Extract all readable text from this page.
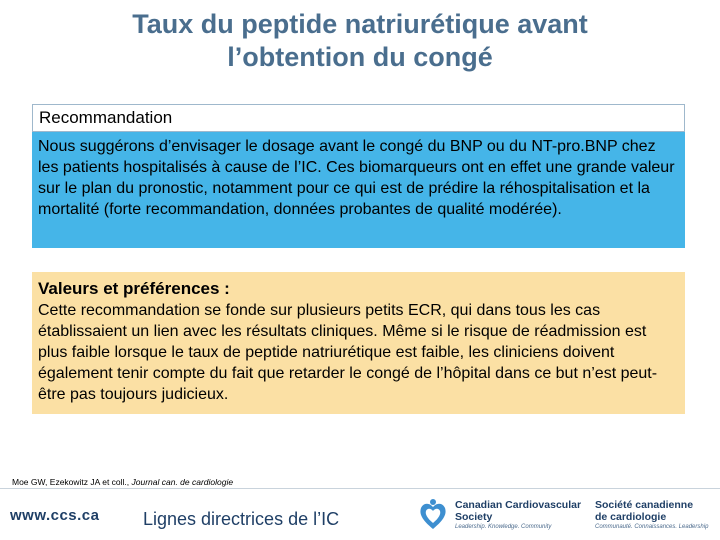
Taux du peptide natriurétique avant
l’obtention du congé
Recommandation
Nous suggérons d’envisager le dosage avant le congé du BNP ou du NT-pro.BNP chez les patients hospitalisés à cause de l’IC. Ces biomarqueurs ont en effet une grande valeur sur le plan du pronostic, notamment pour ce qui est de prédire la réhospitalisation et la mortalité (forte recommandation, données probantes de qualité modérée).
Valeurs et préférences :
Cette recommandation se fonde sur plusieurs petits ECR, qui dans tous les cas établissaient un lien avec les résultats cliniques. Même si le risque de réadmission est plus faible lorsque le taux de peptide natriurétique est faible, les cliniciens doivent également tenir compte du fait que retarder le congé de l’hôpital dans ce but n’est peut-être pas toujours judicieux.
Moe GW, Ezekowitz JA et coll., Journal can. de cardiologie
www.ccs.ca Lignes directrices de l’IC
Canadian Cardiovascular
Society
Leadership. Knowledge. Community
Société canadienne
de cardiologie
Communauté. Connaissances. Leadership
